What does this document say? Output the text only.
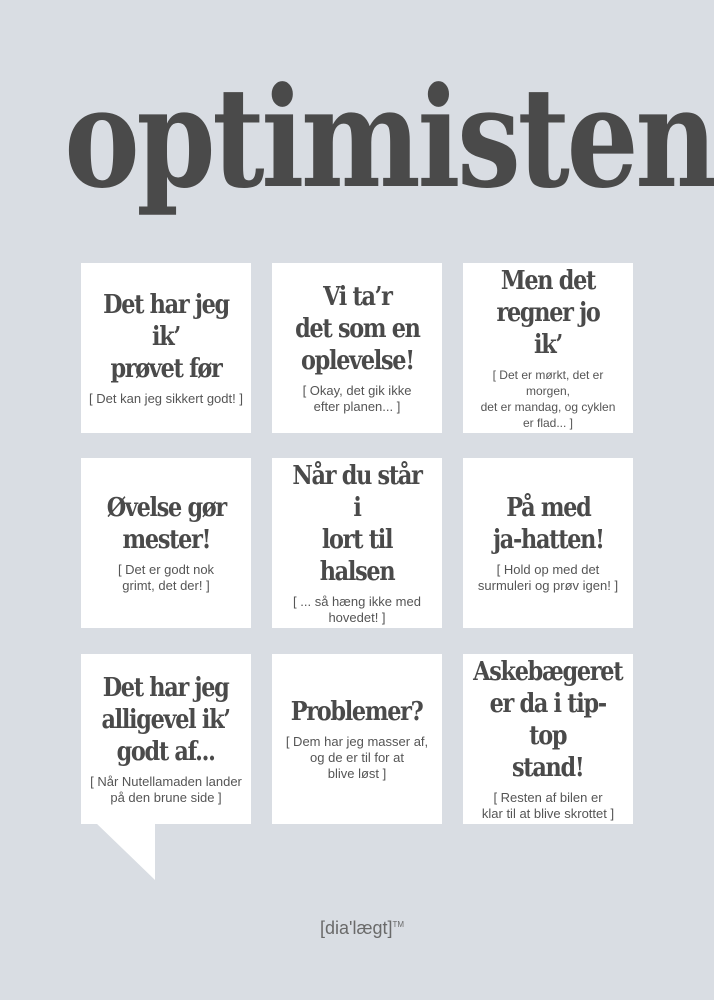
optimisten

Det har jeg ik’
prøvet før

[ Det kan jeg sikkert godt! ]

Vi ta’r
det som en
oplevelse!

[ Okay, det gik ikke
efter planen... ]

Men det
regner jo ik’

[ Det er mørkt, det er morgen,
det er mandag, og cyklen
er flad... ]

Øvelse gør
mester!

[ Det er godt nok
grimt, det der! ]

Når du står i
lort til halsen

[ ... så hæng ikke med
hovedet! ]

På med
ja-hatten!

[ Hold op med det
surmuleri og prøv igen! ]

Det har jeg
alligevel ik’
godt af...

[ Når Nutellamaden lander
på den brune side ]

Problemer?

[ Dem har jeg masser af,
og de er til for at
blive løst ]

Askebægeret
er da i tip-top
stand!

[ Resten af bilen er
klar til at blive skrottet ]
[dia'lægt]™
